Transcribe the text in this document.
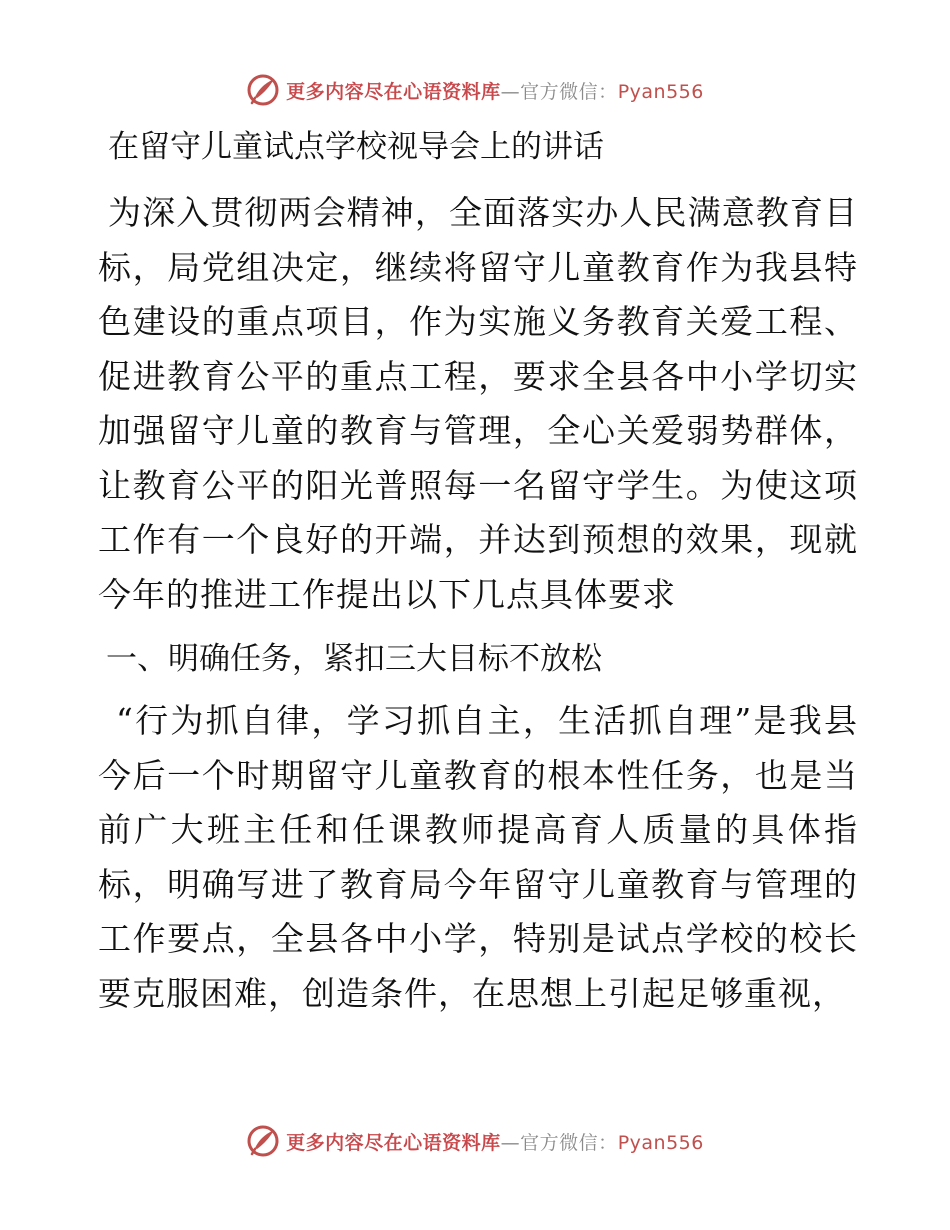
更多内容尽在心语资料库—官方微信：Pyan556
在留守儿童试点学校视导会上的讲话

为深入贯彻两会精神，全面落实办人民满意教育目标，局党组决定，继续将留守儿童教育作为我县特色建设的重点项目，作为实施义务教育关爱工程、促进教育公平的重点工程，要求全县各中小学切实加强留守儿童的教育与管理，全心关爱弱势群体，让教育公平的阳光普照每一名留守学生。为使这项工作有一个良好的开端，并达到预想的效果，现就今年的推进工作提出以下几点具体要求

一、明确任务，紧扣三大目标不放松

“行为抓自律，学习抓自主，生活抓自理”是我县今后一个时期留守儿童教育的根本性任务，也是当前广大班主任和任课教师提高育人质量的具体指标，明确写进了教育局今年留守儿童教育与管理的工作要点，全县各中小学，特别是试点学校的校长要克服困难，创造条件，在思想上引起足够重视，

更多内容尽在心语资料库—官方微信：Pyan556
